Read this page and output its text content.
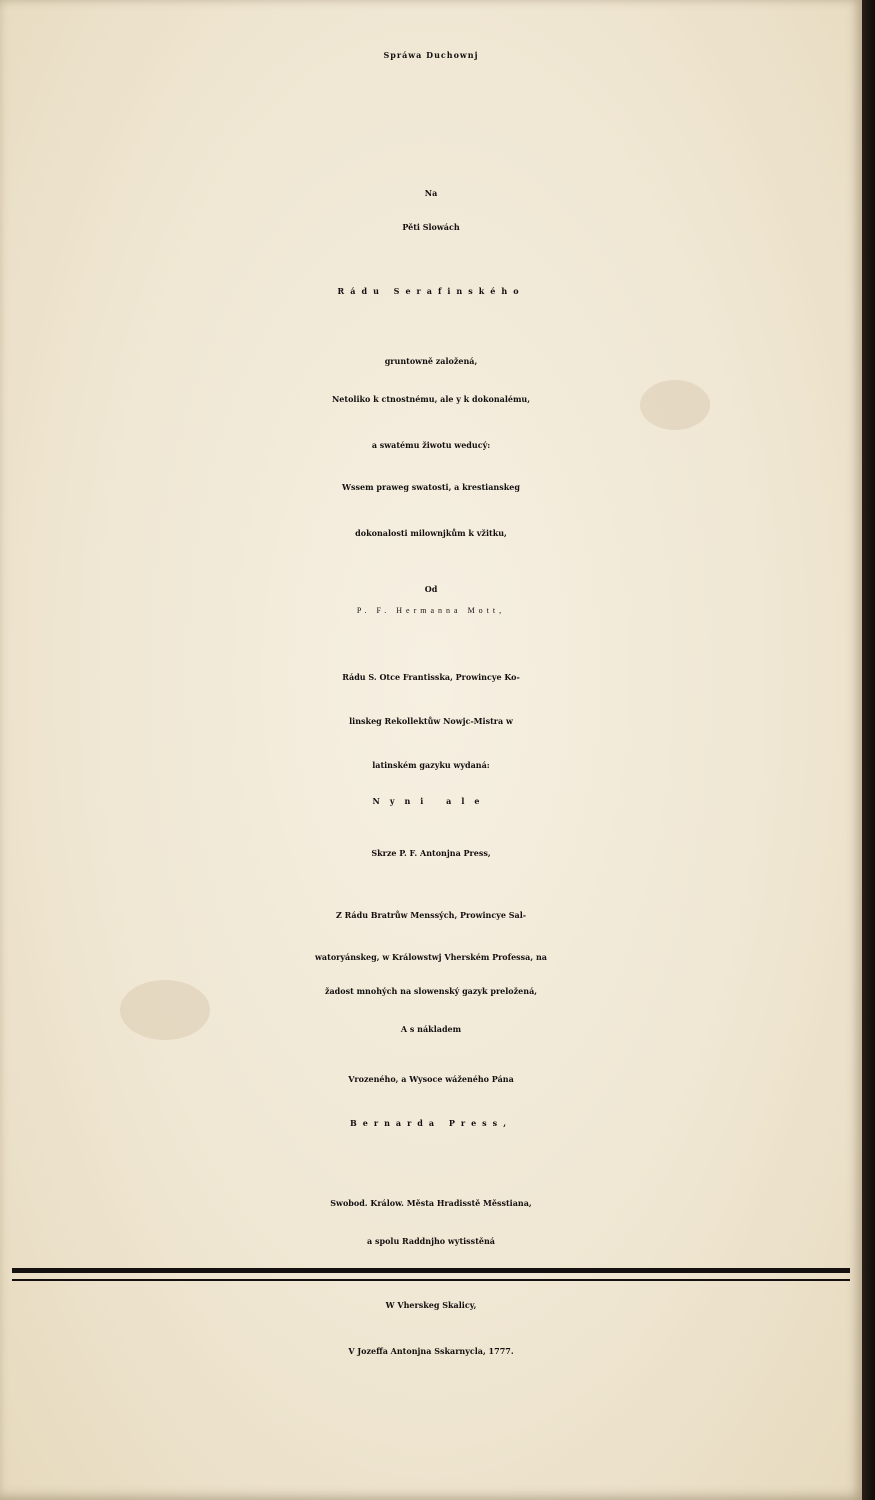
Spráwa Duchownj
Na
Pěti Slowách
Rádu Serafinského
gruntowně založená,
Netoliko k ctnostnému, ale y k dokonalému,
a swatému žiwotu weducý:
Wssem praweg swatosti, a krestianskeg
dokonalosti milownjkům k vžitku,
Od
P. F. Hermanna Mott,
Rádu S. Otce Frantisska, Prowincye Ko-
linskeg Rekollektůw Nowjc-Mistra w
latinském gazyku wydaná:
Nyni ale
Skrze P. F. Antonjna Press,
Z Rádu Bratrůw Menssých, Prowincye Sal-
watoryánskeg, w Králowstwj Vherském Professa, na
žadost mnohých na slowenský gazyk preložená,
A s nákladem
Vrozeného, a Wysoce wáženého Pána
Bernarda Press,
Swobod. Králow. Města Hradisstě Měsstiana,
a spolu Raddnjho wytisstěná
W Vherskeg Skalicy,
V Jozeffa Antonjna Sskarnycla, 1777.
